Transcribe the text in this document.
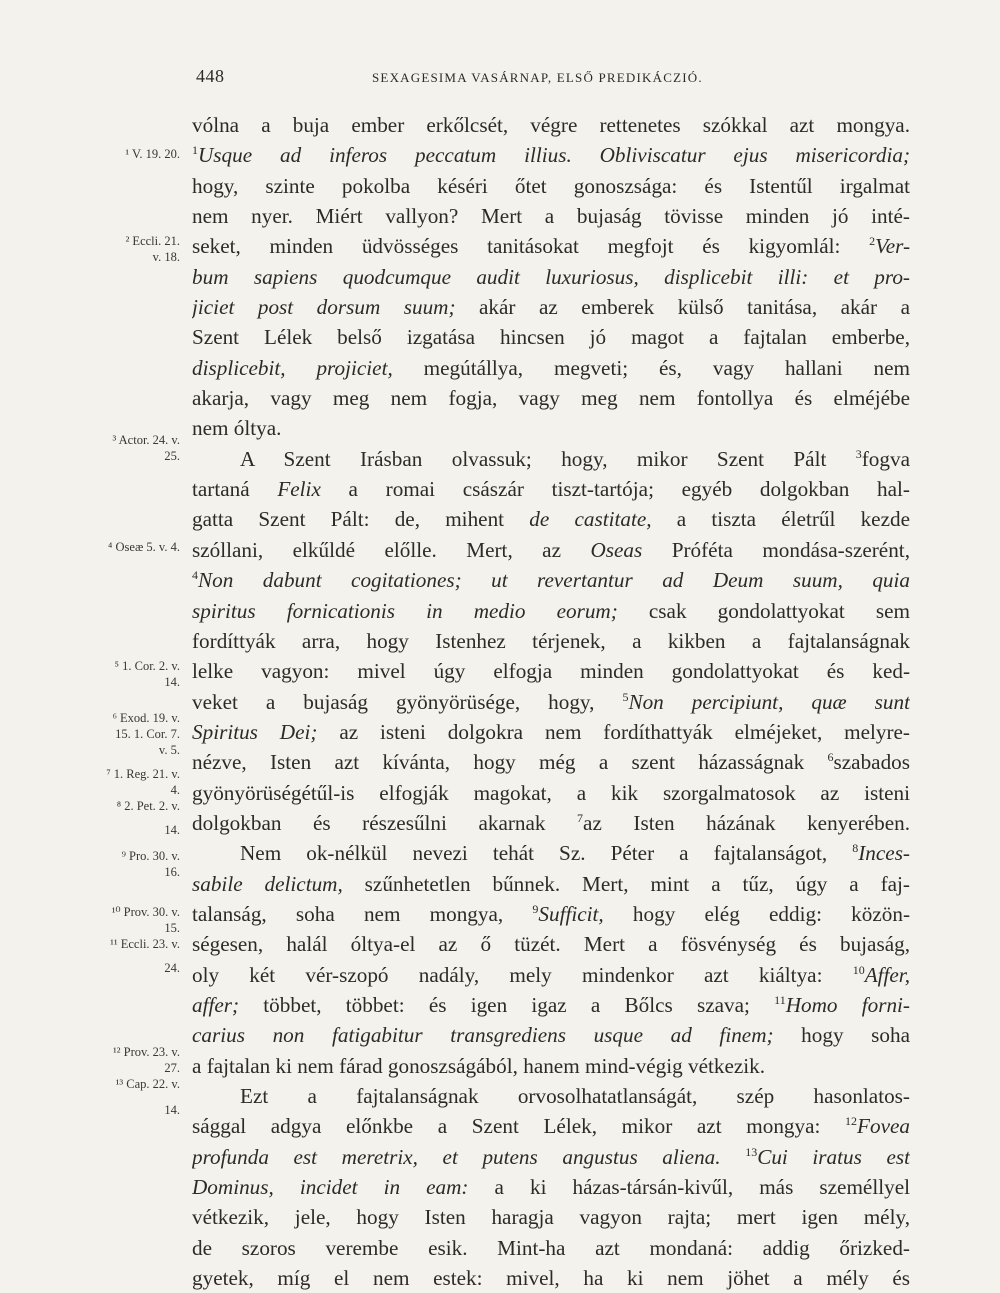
448	SEXAGESIMA VASÁRNAP, ELSŐ PREDIKÁCZIÓ.
¹ V. 19. 20.
² Eccli. 21.
v. 18.
³ Actor. 24. v.
25.
⁴ Oseæ 5. v. 4.
⁵ 1. Cor. 2. v.
14.
⁶ Exod. 19. v.
15. 1. Cor. 7.
v. 5.
⁷ 1. Reg. 21. v.
4.
⁸ 2. Pet. 2. v.
14.
⁹ Pro. 30. v.
16.
¹⁰ Prov. 30. v.
15.
¹¹ Eccli. 23. v.
24.
¹² Prov. 23. v.
27.
¹³ Cap. 22. v.
14.
vólna a buja ember erkőlcsét, végre rettenetes szókkal azt mongya.
$^1$Usque ad inferos peccatum illius. Obliviscatur ejus misericordia;
hogy, szinte pokolba késéri őtet gonoszsága: és Istentűl irgalmat
nem nyer. Miért vallyon? Mert a bujaság tövisse minden jó inté-
seket, minden üdvösséges tanitásokat megfojt és kigyomlál: $^2$Ver-
bum sapiens quodcumque audit luxuriosus, displicebit illi: et pro-
jiciet post dorsum suum; akár az emberek külső tanitása, akár a
Szent Lélek belső izgatása hincsen jó magot a fajtalan emberbe,
displicebit, projiciet, megútállya, megveti; és, vagy hallani nem
akarja, vagy meg nem fogja, vagy meg nem fontollya és elméjébe
nem óltya.
A Szent Irásban olvassuk; hogy, mikor Szent Pált $^3$fogva
tartaná Felix a romai császár tiszt-tartója; egyéb dolgokban hal-
gatta Szent Pált: de, mihent de castitate, a tiszta életrűl kezde
szóllani, elkűldé előlle. Mert, az Oseas Próféta mondása-szerént,
$^4$Non dabunt cogitationes; ut revertantur ad Deum suum, quia
spiritus fornicationis in medio eorum; csak gondolattyokat sem
fordíttyák arra, hogy Istenhez térjenek, a kikben a fajtalanságnak
lelke vagyon: mivel úgy elfogja minden gondolattyokat és ked-
veket a bujaság gyönyörüsége, hogy, $^5$Non percipiunt, quæ sunt
Spiritus Dei; az isteni dolgokra nem fordíthattyák elméjeket, melyre-
nézve, Isten azt kívánta, hogy még a szent házasságnak $^6$szabados
gyönyörüségétűl-is elfogják magokat, a kik szorgalmatosok az isteni
dolgokban és részesűlni akarnak $^7$az Isten házának kenyerében.
Nem ok-nélkül nevezi tehát Sz. Péter a fajtalanságot, $^8$Inces-
sabile delictum, szűnhetetlen bűnnek. Mert, mint a tűz, úgy a faj-
talanság, soha nem mongya, $^9$Sufficit, hogy elég eddig: közön-
ségesen, halál óltya-el az ő tüzét. Mert a fösvénység és bujaság,
oly két vér-szopó nadály, mely mindenkor azt kiáltya: $^{10}$Affer,
affer; többet, többet: és igen igaz a Bőlcs szava; $^{11}$Homo forni-
carius non fatigabitur transgrediens usque ad finem; hogy soha
a fajtalan ki nem fárad gonoszságából, hanem mind-végig vétkezik.
Ezt a fajtalanságnak orvosolhatatlanságát, szép hasonlatos-
sággal adgya előnkbe a Szent Lélek, mikor azt mongya: $^{12}$Fovea
profunda est meretrix, et putens angustus aliena. $^{13}$Cui iratus est
Dominus, incidet in eam: a ki házas-társán-kivűl, más személlyel
vétkezik, jele, hogy Isten haragja vagyon rajta; mert igen mély,
de szoros verembe esik. Mint-ha azt mondaná: addig őrizked-
gyetek, míg el nem estek: mivel, ha ki nem jöhet a mély és
